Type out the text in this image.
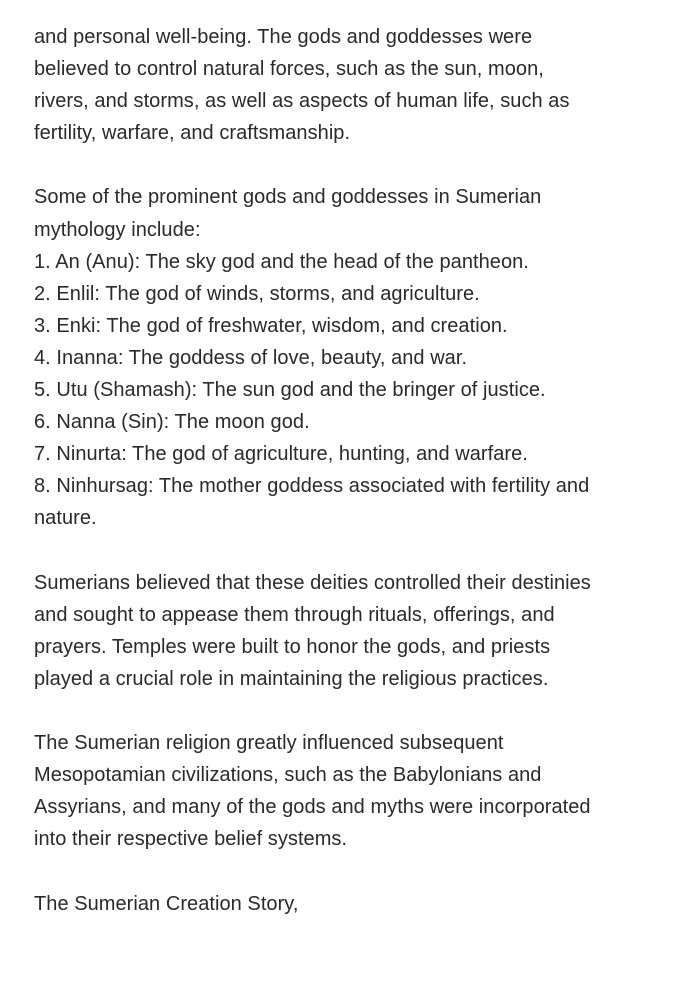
and personal well-being. The gods and goddesses were
believed to control natural forces, such as the sun, moon,
rivers, and storms, as well as aspects of human life, such as
fertility, warfare, and craftsmanship.

Some of the prominent gods and goddesses in Sumerian
mythology include:

1. An (Anu): The sky god and the head of the pantheon.
2. Enlil: The god of winds, storms, and agriculture.
3. Enki: The god of freshwater, wisdom, and creation.
4. Inanna: The goddess of love, beauty, and war.
5. Utu (Shamash): The sun god and the bringer of justice.
6. Nanna (Sin): The moon god.
7. Ninurta: The god of agriculture, hunting, and warfare.
8. Ninhursag: The mother goddess associated with fertility and
nature.

Sumerians believed that these deities controlled their destinies
and sought to appease them through rituals, offerings, and
prayers. Temples were built to honor the gods, and priests
played a crucial role in maintaining the religious practices.

The Sumerian religion greatly influenced subsequent
Mesopotamian civilizations, such as the Babylonians and
Assyrians, and many of the gods and myths were incorporated
into their respective belief systems.

The Sumerian Creation Story,
